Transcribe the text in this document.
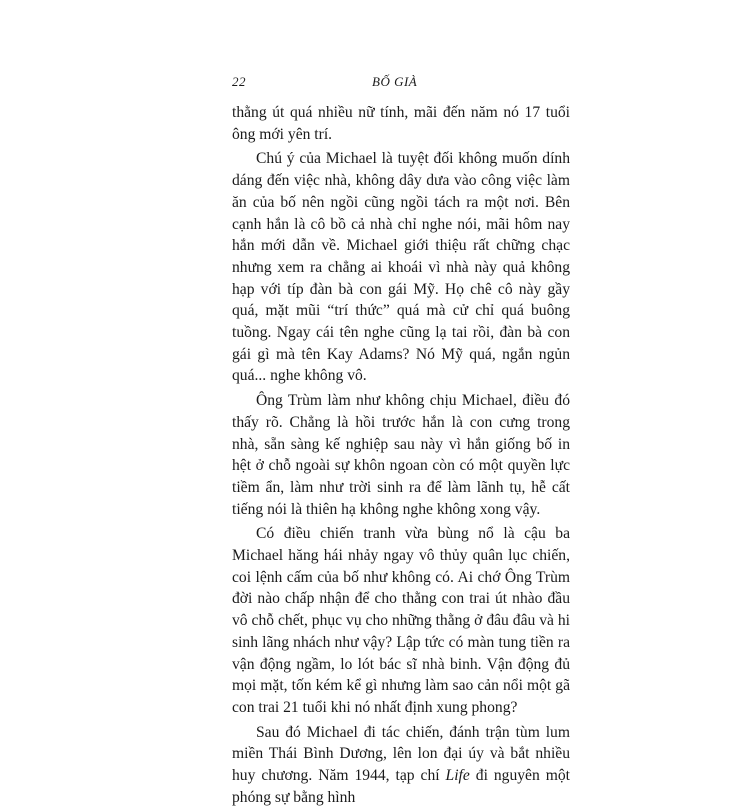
22	BỐ GIÀ

thằng út quá nhiều nữ tính, mãi đến năm nó 17 tuổi ông mới yên trí.

Chú ý của Michael là tuyệt đối không muốn dính dáng đến việc nhà, không dây dưa vào công việc làm ăn của bố nên ngồi cũng ngồi tách ra một nơi. Bên cạnh hắn là cô bồ cả nhà chỉ nghe nói, mãi hôm nay hắn mới dẫn về. Michael giới thiệu rất chững chạc nhưng xem ra chẳng ai khoái vì nhà này quả không hạp với típ đàn bà con gái Mỹ. Họ chê cô này gầy quá, mặt mũi “trí thức” quá mà cử chỉ quá buông tuồng. Ngay cái tên nghe cũng lạ tai rồi, đàn bà con gái gì mà tên Kay Adams? Nó Mỹ quá, ngắn ngủn quá... nghe không vô.

Ông Trùm làm như không chịu Michael, điều đó thấy rõ. Chẳng là hồi trước hắn là con cưng trong nhà, sẵn sàng kế nghiệp sau này vì hắn giống bố in hệt ở chỗ ngoài sự khôn ngoan còn có một quyền lực tiềm ẩn, làm như trời sinh ra để làm lãnh tụ, hễ cất tiếng nói là thiên hạ không nghe không xong vậy.

Có điều chiến tranh vừa bùng nổ là cậu ba Michael hăng hái nhảy ngay vô thủy quân lục chiến, coi lệnh cấm của bố như không có. Ai chớ Ông Trùm đời nào chấp nhận để cho thằng con trai út nhào đầu vô chỗ chết, phục vụ cho những thằng ở đâu đâu và hi sinh lãng nhách như vậy? Lập tức có màn tung tiền ra vận động ngầm, lo lót bác sĩ nhà binh. Vận động đủ mọi mặt, tốn kém kể gì nhưng làm sao cản nổi một gã con trai 21 tuổi khi nó nhất định xung phong?

Sau đó Michael đi tác chiến, đánh trận tùm lum miền Thái Bình Dương, lên lon đại úy và bắt nhiều huy chương. Năm 1944, tạp chí Life đi nguyên một phóng sự bằng hình
